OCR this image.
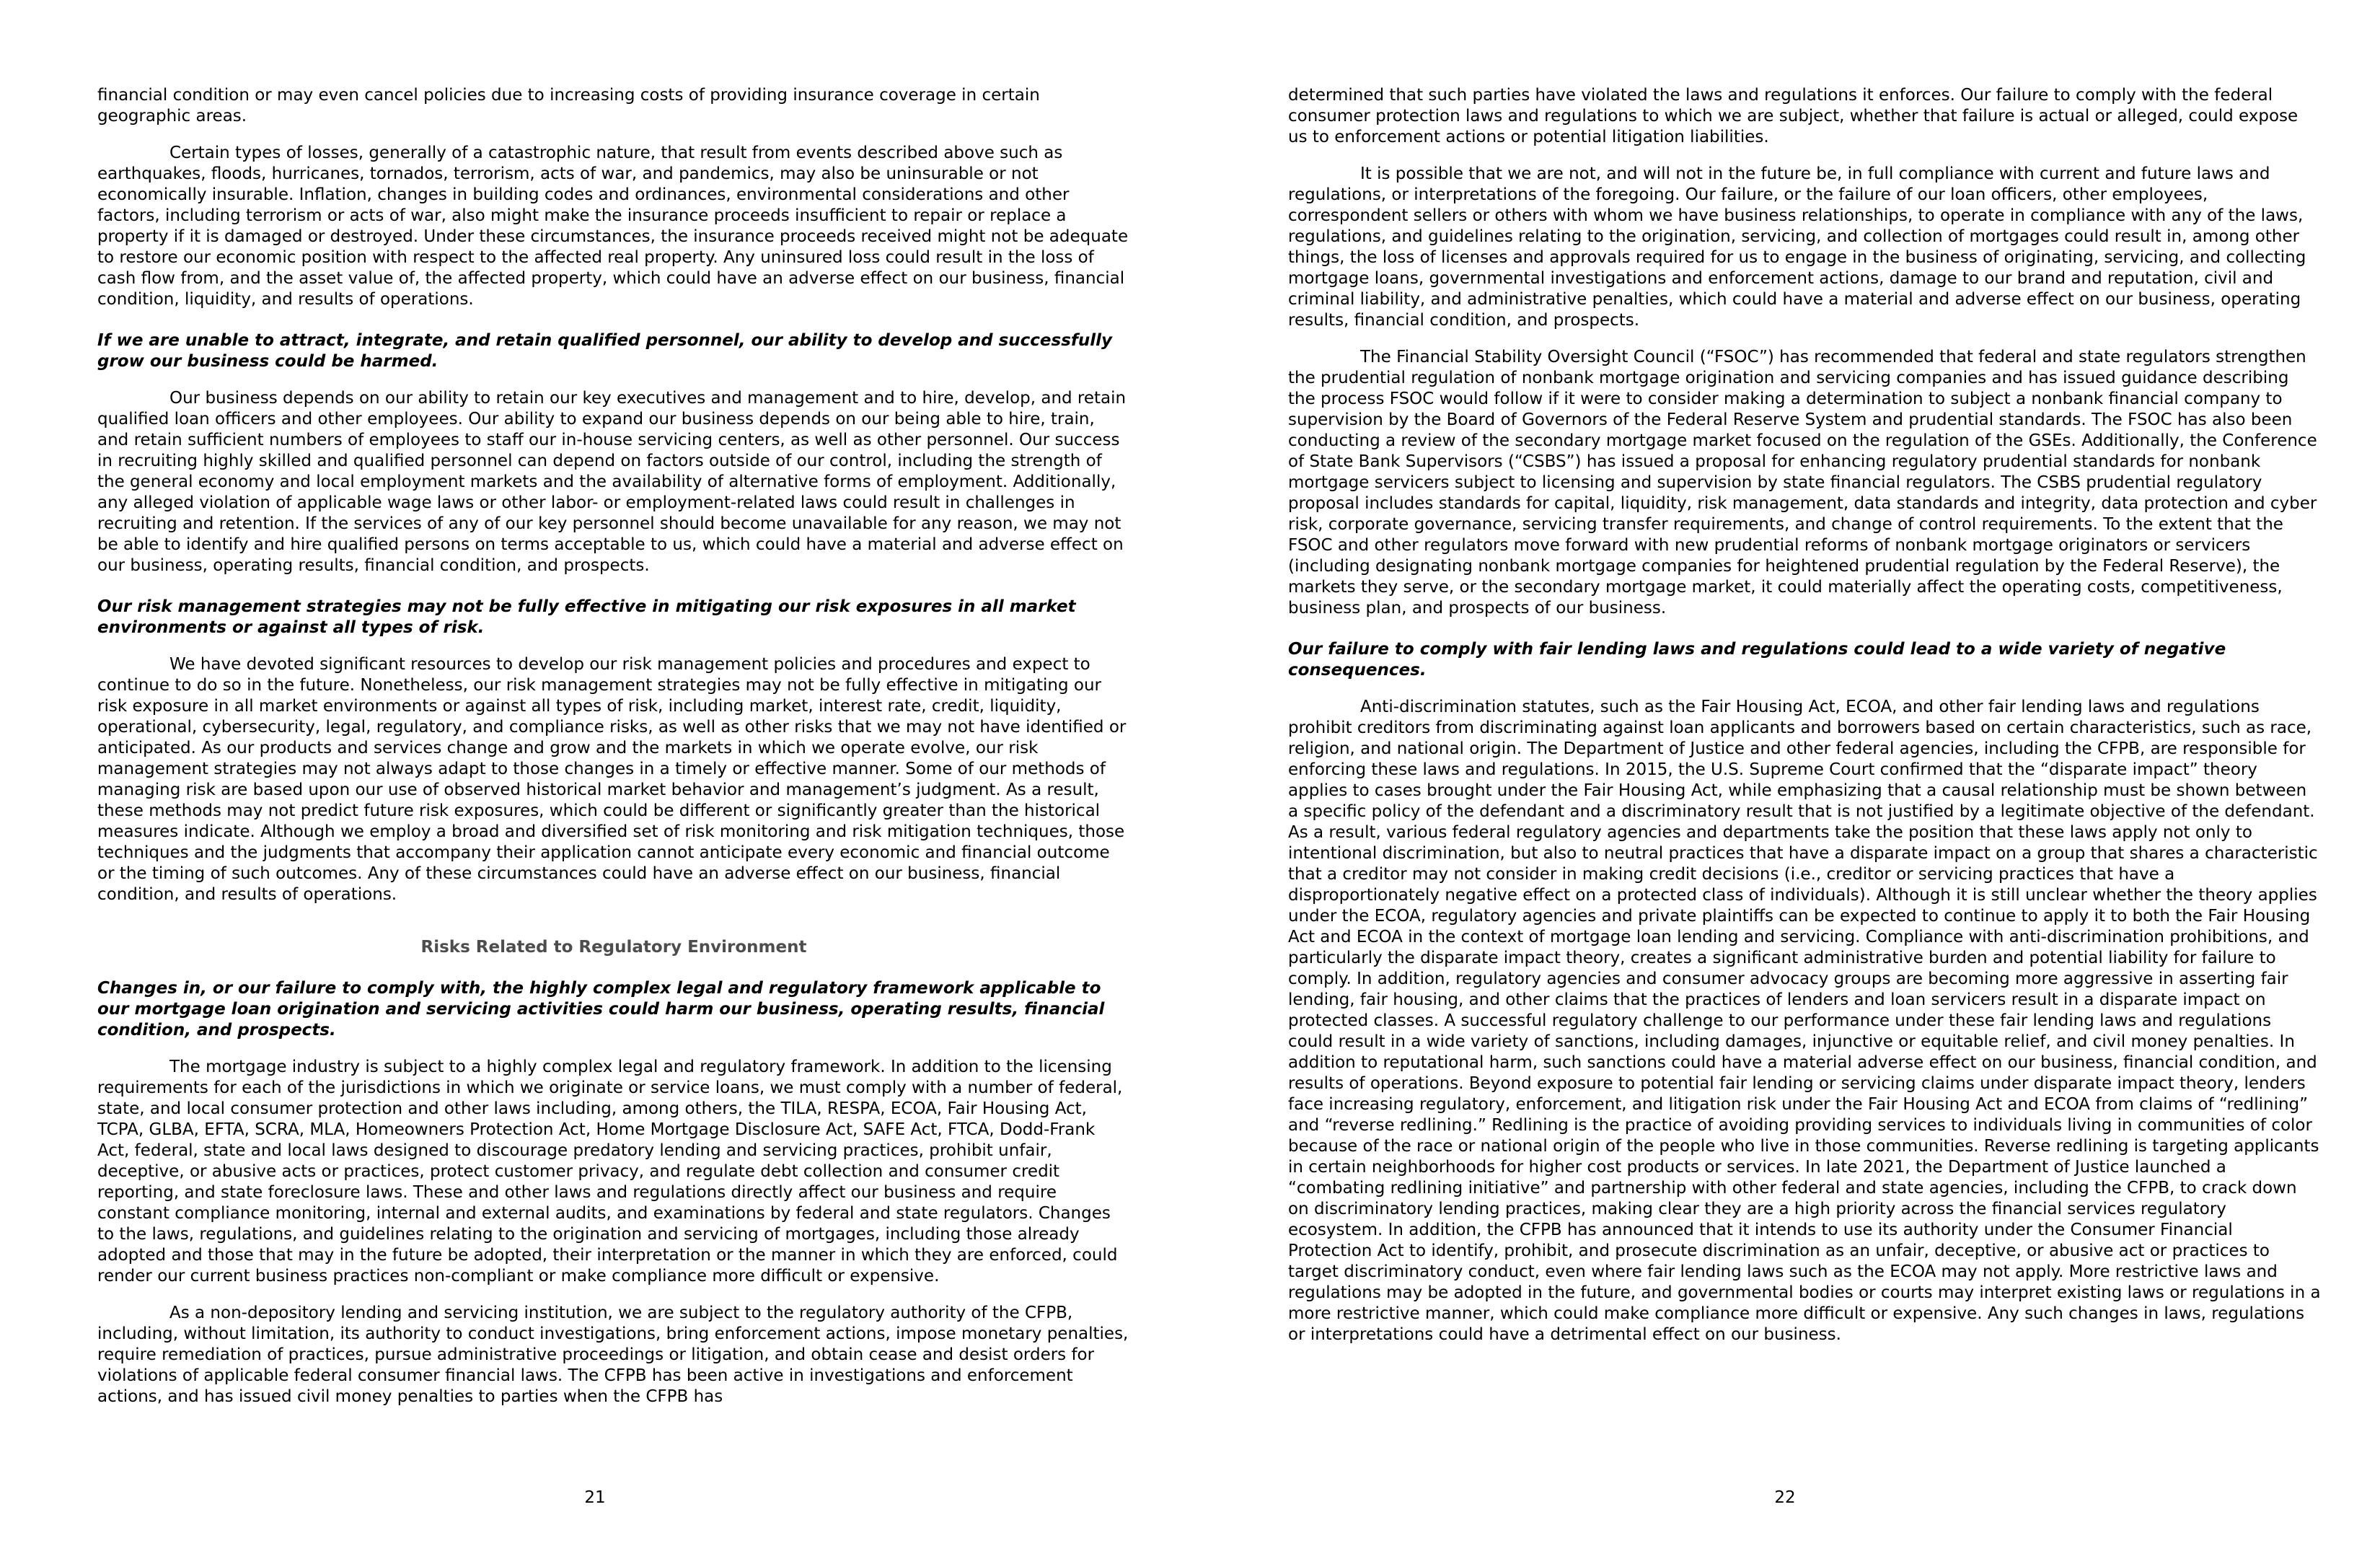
financial condition or may even cancel policies due to increasing costs of providing insurance coverage in certain geographic areas.

Certain types of losses, generally of a catastrophic nature, that result from events described above such as earthquakes, floods, hurricanes, tornados, terrorism, acts of war, and pandemics, may also be uninsurable or not economically insurable. Inflation, changes in building codes and ordinances, environmental considerations and other factors, including terrorism or acts of war, also might make the insurance proceeds insufficient to repair or replace a property if it is damaged or destroyed. Under these circumstances, the insurance proceeds received might not be adequate to restore our economic position with respect to the affected real property. Any uninsured loss could result in the loss of cash flow from, and the asset value of, the affected property, which could have an adverse effect on our business, financial condition, liquidity, and results of operations.

If we are unable to attract, integrate, and retain qualified personnel, our ability to develop and successfully grow our business could be harmed.

Our business depends on our ability to retain our key executives and management and to hire, develop, and retain qualified loan officers and other employees. Our ability to expand our business depends on our being able to hire, train, and retain sufficient numbers of employees to staff our in-house servicing centers, as well as other personnel. Our success in recruiting highly skilled and qualified personnel can depend on factors outside of our control, including the strength of the general economy and local employment markets and the availability of alternative forms of employment. Additionally, any alleged violation of applicable wage laws or other labor- or employment-related laws could result in challenges in recruiting and retention. If the services of any of our key personnel should become unavailable for any reason, we may not be able to identify and hire qualified persons on terms acceptable to us, which could have a material and adverse effect on our business, operating results, financial condition, and prospects.

Our risk management strategies may not be fully effective in mitigating our risk exposures in all market environments or against all types of risk.

We have devoted significant resources to develop our risk management policies and procedures and expect to continue to do so in the future. Nonetheless, our risk management strategies may not be fully effective in mitigating our risk exposure in all market environments or against all types of risk, including market, interest rate, credit, liquidity, operational, cybersecurity, legal, regulatory, and compliance risks, as well as other risks that we may not have identified or anticipated. As our products and services change and grow and the markets in which we operate evolve, our risk management strategies may not always adapt to those changes in a timely or effective manner. Some of our methods of managing risk are based upon our use of observed historical market behavior and management’s judgment. As a result, these methods may not predict future risk exposures, which could be different or significantly greater than the historical measures indicate. Although we employ a broad and diversified set of risk monitoring and risk mitigation techniques, those techniques and the judgments that accompany their application cannot anticipate every economic and financial outcome or the timing of such outcomes. Any of these circumstances could have an adverse effect on our business, financial condition, and results of operations.

Risks Related to Regulatory Environment

Changes in, or our failure to comply with, the highly complex legal and regulatory framework applicable to our mortgage loan origination and servicing activities could harm our business, operating results, financial condition, and prospects.

The mortgage industry is subject to a highly complex legal and regulatory framework. In addition to the licensing requirements for each of the jurisdictions in which we originate or service loans, we must comply with a number of federal, state, and local consumer protection and other laws including, among others, the TILA, RESPA, ECOA, Fair Housing Act, TCPA, GLBA, EFTA, SCRA, MLA, Homeowners Protection Act, Home Mortgage Disclosure Act, SAFE Act, FTCA, Dodd-Frank Act, federal, state and local laws designed to discourage predatory lending and servicing practices, prohibit unfair, deceptive, or abusive acts or practices, protect customer privacy, and regulate debt collection and consumer credit reporting, and state foreclosure laws. These and other laws and regulations directly affect our business and require constant compliance monitoring, internal and external audits, and examinations by federal and state regulators. Changes to the laws, regulations, and guidelines relating to the origination and servicing of mortgages, including those already adopted and those that may in the future be adopted, their interpretation or the manner in which they are enforced, could render our current business practices non-compliant or make compliance more difficult or expensive.

As a non-depository lending and servicing institution, we are subject to the regulatory authority of the CFPB, including, without limitation, its authority to conduct investigations, bring enforcement actions, impose monetary penalties, require remediation of practices, pursue administrative proceedings or litigation, and obtain cease and desist orders for violations of applicable federal consumer financial laws. The CFPB has been active in investigations and enforcement actions, and has issued civil money penalties to parties when the CFPB has

determined that such parties have violated the laws and regulations it enforces. Our failure to comply with the federal consumer protection laws and regulations to which we are subject, whether that failure is actual or alleged, could expose us to enforcement actions or potential litigation liabilities.

It is possible that we are not, and will not in the future be, in full compliance with current and future laws and regulations, or interpretations of the foregoing. Our failure, or the failure of our loan officers, other employees, correspondent sellers or others with whom we have business relationships, to operate in compliance with any of the laws, regulations, and guidelines relating to the origination, servicing, and collection of mortgages could result in, among other things, the loss of licenses and approvals required for us to engage in the business of originating, servicing, and collecting mortgage loans, governmental investigations and enforcement actions, damage to our brand and reputation, civil and criminal liability, and administrative penalties, which could have a material and adverse effect on our business, operating results, financial condition, and prospects.

The Financial Stability Oversight Council (“FSOC”) has recommended that federal and state regulators strengthen the prudential regulation of nonbank mortgage origination and servicing companies and has issued guidance describing the process FSOC would follow if it were to consider making a determination to subject a nonbank financial company to supervision by the Board of Governors of the Federal Reserve System and prudential standards. The FSOC has also been conducting a review of the secondary mortgage market focused on the regulation of the GSEs. Additionally, the Conference of State Bank Supervisors (“CSBS”) has issued a proposal for enhancing regulatory prudential standards for nonbank mortgage servicers subject to licensing and supervision by state financial regulators. The CSBS prudential regulatory proposal includes standards for capital, liquidity, risk management, data standards and integrity, data protection and cyber risk, corporate governance, servicing transfer requirements, and change of control requirements. To the extent that the FSOC and other regulators move forward with new prudential reforms of nonbank mortgage originators or servicers (including designating nonbank mortgage companies for heightened prudential regulation by the Federal Reserve), the markets they serve, or the secondary mortgage market, it could materially affect the operating costs, competitiveness, business plan, and prospects of our business.

Our failure to comply with fair lending laws and regulations could lead to a wide variety of negative consequences.

Anti-discrimination statutes, such as the Fair Housing Act, ECOA, and other fair lending laws and regulations prohibit creditors from discriminating against loan applicants and borrowers based on certain characteristics, such as race, religion, and national origin. The Department of Justice and other federal agencies, including the CFPB, are responsible for enforcing these laws and regulations. In 2015, the U.S. Supreme Court confirmed that the “disparate impact” theory applies to cases brought under the Fair Housing Act, while emphasizing that a causal relationship must be shown between a specific policy of the defendant and a discriminatory result that is not justified by a legitimate objective of the defendant. As a result, various federal regulatory agencies and departments take the position that these laws apply not only to intentional discrimination, but also to neutral practices that have a disparate impact on a group that shares a characteristic that a creditor may not consider in making credit decisions (i.e., creditor or servicing practices that have a disproportionately negative effect on a protected class of individuals). Although it is still unclear whether the theory applies under the ECOA, regulatory agencies and private plaintiffs can be expected to continue to apply it to both the Fair Housing Act and ECOA in the context of mortgage loan lending and servicing. Compliance with anti-discrimination prohibitions, and particularly the disparate impact theory, creates a significant administrative burden and potential liability for failure to comply. In addition, regulatory agencies and consumer advocacy groups are becoming more aggressive in asserting fair lending, fair housing, and other claims that the practices of lenders and loan servicers result in a disparate impact on protected classes. A successful regulatory challenge to our performance under these fair lending laws and regulations could result in a wide variety of sanctions, including damages, injunctive or equitable relief, and civil money penalties. In addition to reputational harm, such sanctions could have a material adverse effect on our business, financial condition, and results of operations. Beyond exposure to potential fair lending or servicing claims under disparate impact theory, lenders face increasing regulatory, enforcement, and litigation risk under the Fair Housing Act and ECOA from claims of “redlining” and “reverse redlining.” Redlining is the practice of avoiding providing services to individuals living in communities of color because of the race or national origin of the people who live in those communities. Reverse redlining is targeting applicants in certain neighborhoods for higher cost products or services. In late 2021, the Department of Justice launched a “combating redlining initiative” and partnership with other federal and state agencies, including the CFPB, to crack down on discriminatory lending practices, making clear they are a high priority across the financial services regulatory ecosystem. In addition, the CFPB has announced that it intends to use its authority under the Consumer Financial Protection Act to identify, prohibit, and prosecute discrimination as an unfair, deceptive, or abusive act or practices to target discriminatory conduct, even where fair lending laws such as the ECOA may not apply. More restrictive laws and regulations may be adopted in the future, and governmental bodies or courts may interpret existing laws or regulations in a more restrictive manner, which could make compliance more difficult or expensive. Any such changes in laws, regulations or interpretations could have a detrimental effect on our business.

21	22
